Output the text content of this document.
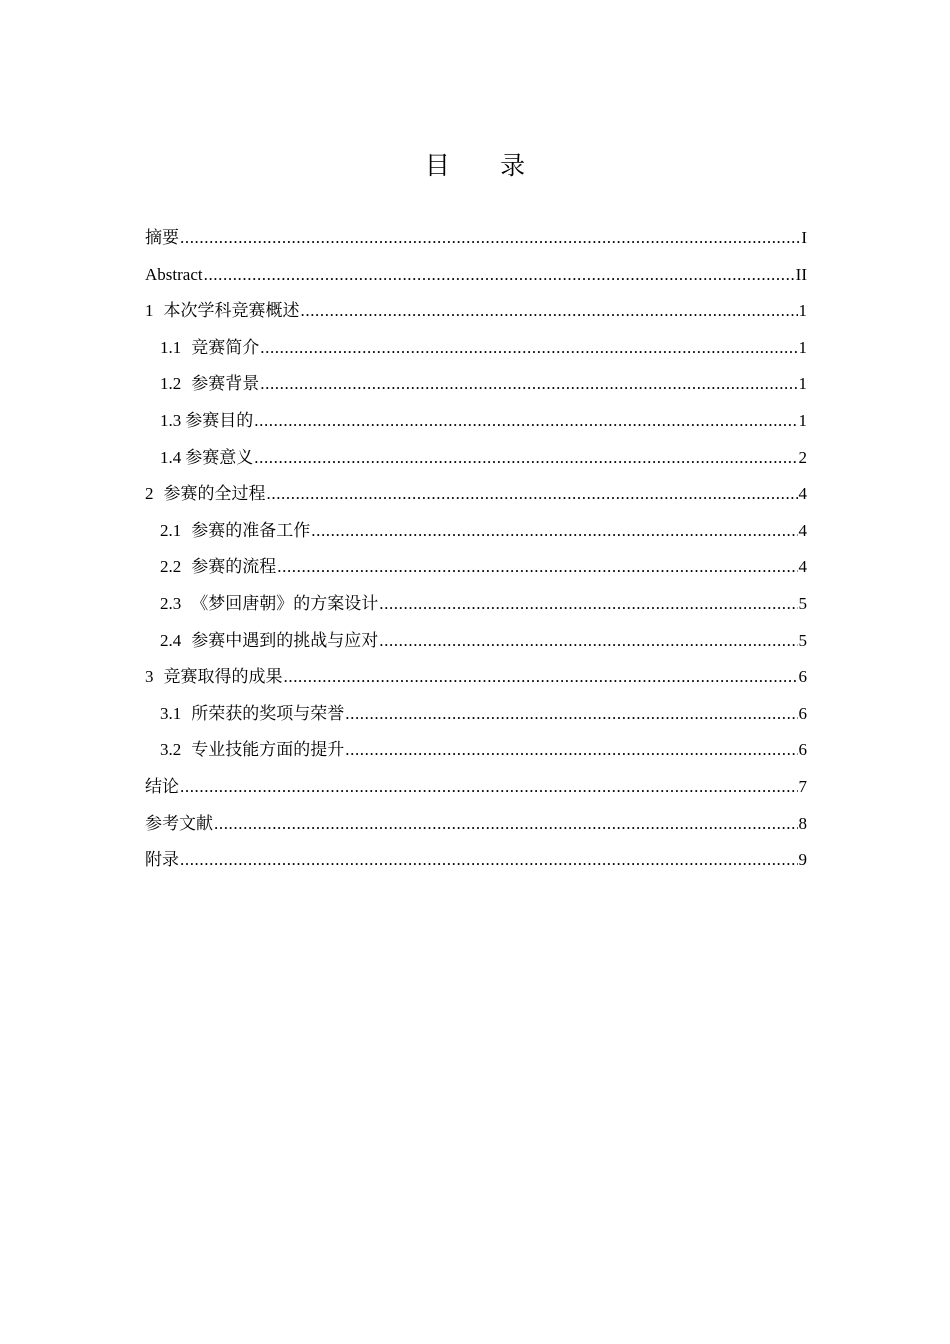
目 录
摘要 .....	I
Abstract .....	II
1 本次学科竞赛概述 .....	1
1.1 竞赛简介 .....	1
1.2 参赛背景 .....	1
1.3 参赛目的 .....	1
1.4 参赛意义 .....	2
2 参赛的全过程 .....	4
2.1 参赛的准备工作 .....	4
2.2 参赛的流程 .....	4
2.3 《梦回唐朝》的方案设计 .....	5
2.4 参赛中遇到的挑战与应对 .....	5
3 竞赛取得的成果 .....	6
3.1 所荣获的奖项与荣誉 .....	6
3.2 专业技能方面的提升 .....	6
结论 .....	7
参考文献 .....	8
附录 .....	9
